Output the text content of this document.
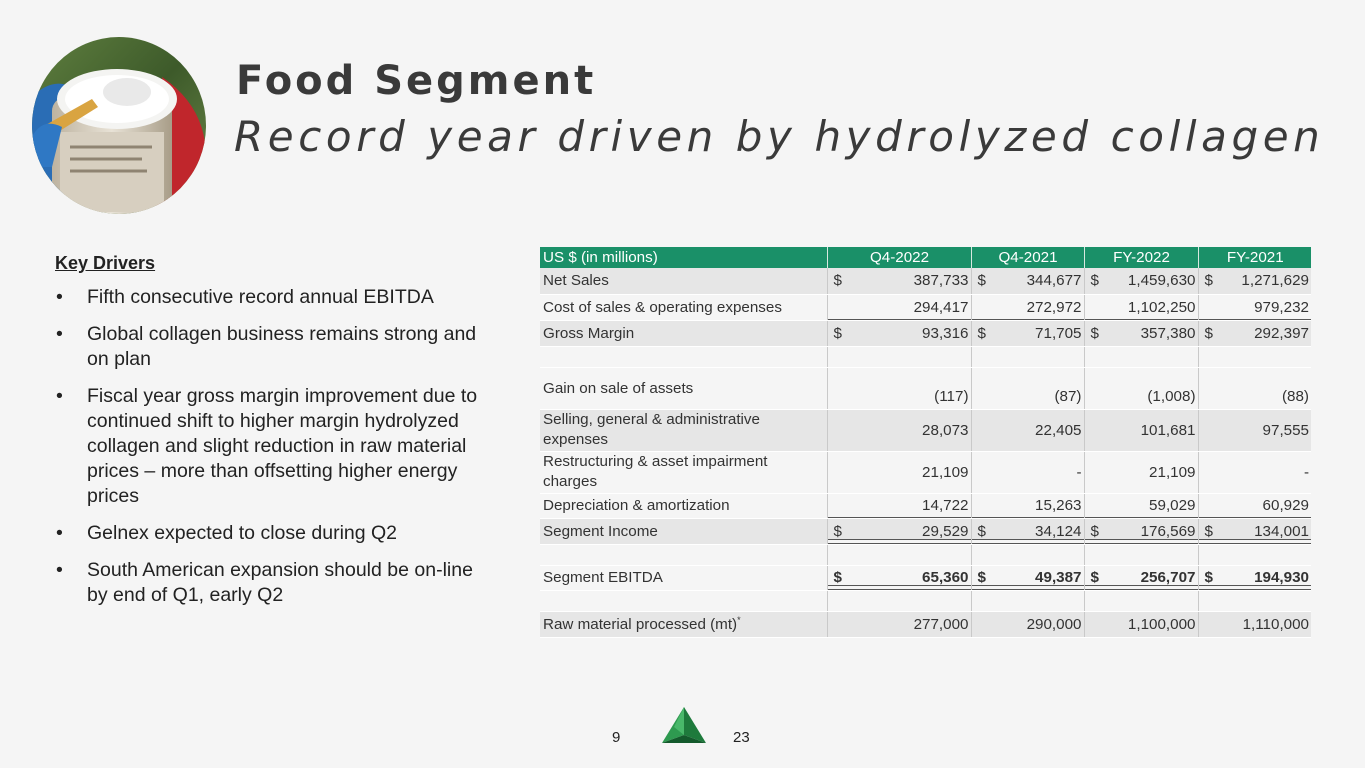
Food Segment
Record year driven by hydrolyzed collagen
Key Drivers
• Fifth consecutive record annual EBITDA
• Global collagen business remains strong and on plan
• Fiscal year gross margin improvement due to continued shift to higher margin hydrolyzed collagen and slight reduction in raw material prices – more than offsetting higher energy prices
• Gelnex expected to close during Q2
• South American expansion should be on-line by end of Q1, early Q2
US $ (in millions)	Q4-2022	Q4-2021	FY-2022	FY-2021
Net Sales	$ 387,733	$ 344,677	$ 1,459,630	$ 1,271,629
Cost of sales & operating expenses	294,417	272,972	1,102,250	979,232
Gross Margin	$ 93,316	$ 71,705	$ 357,380	$ 292,397

Gain on sale of assets	(117)	(87)	(1,008)	(88)
Selling, general & administrative expenses	28,073	22,405	101,681	97,555
Restructuring & asset impairment charges	21,109	-	21,109	-
Depreciation & amortization	14,722	15,263	59,029	60,929
Segment Income	$ 29,529	$ 34,124	$ 176,569	$ 134,001

Segment EBITDA	$ 65,360	$ 49,387	$ 256,707	$ 194,930

Raw material processed (mt)*	277,000	290,000	1,100,000	1,110,000
9	23
